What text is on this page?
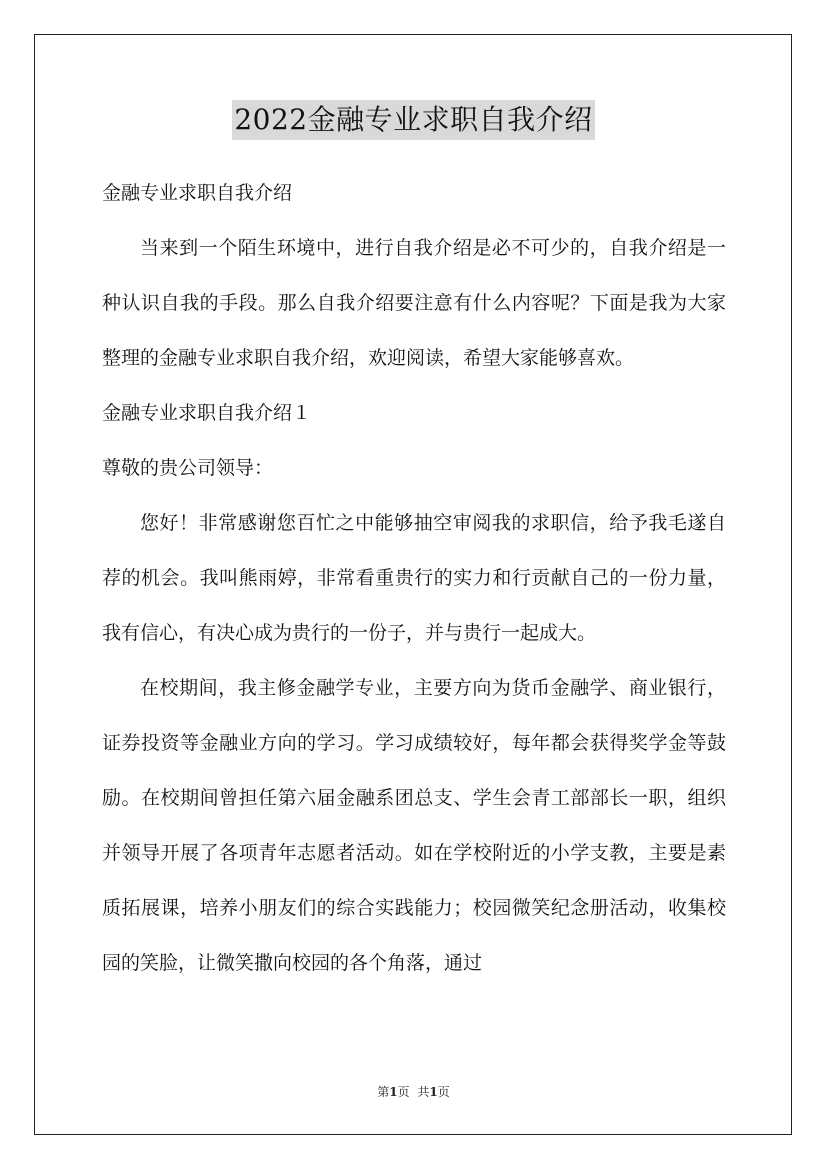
2022金融专业求职自我介绍

金融专业求职自我介绍

当来到一个陌生环境中，进行自我介绍是必不可少的，自我介绍是一种认识自我的手段。那么自我介绍要注意有什么内容呢？下面是我为大家整理的金融专业求职自我介绍，欢迎阅读，希望大家能够喜欢。

金融专业求职自我介绍１

尊敬的贵公司领导：

您好！非常感谢您百忙之中能够抽空审阅我的求职信，给予我毛遂自荐的机会。我叫熊雨婷，非常看重贵行的实力和行贡献自己的一份力量，我有信心，有决心成为贵行的一份子，并与贵行一起成大。

在校期间，我主修金融学专业，主要方向为货币金融学、商业银行，证券投资等金融业方向的学习。学习成绩较好，每年都会获得奖学金等鼓励。在校期间曾担任第六届金融系团总支、学生会青工部部长一职，组织并领导开展了各项青年志愿者活动。如在学校附近的小学支教，主要是素质拓展课，培养小朋友们的综合实践能力；校园微笑纪念册活动，收集校园的笑脸，让微笑撒向校园的各个角落，通过

第1页 共1页
